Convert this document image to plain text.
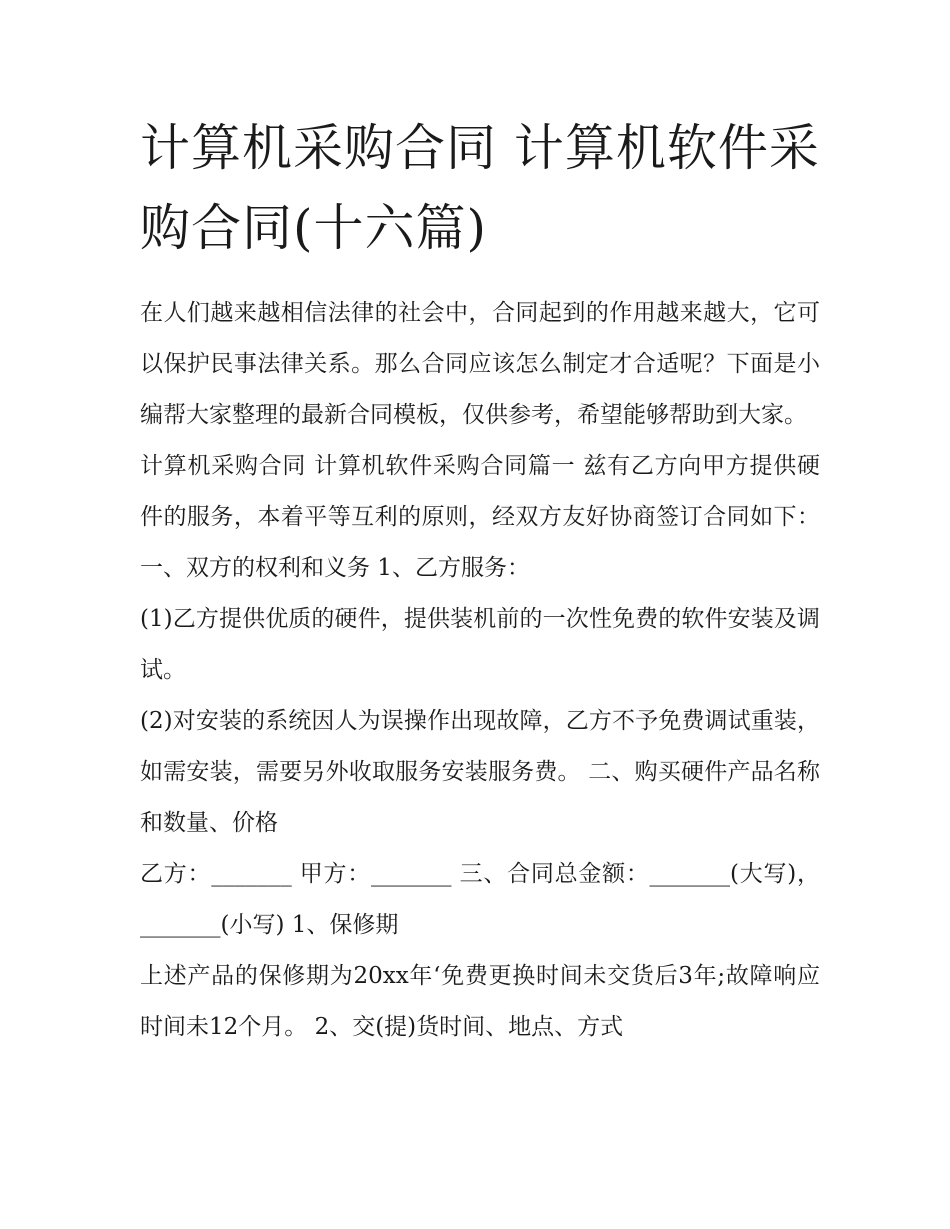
计算机采购合同 计算机软件采购合同(十六篇)

在人们越来越相信法律的社会中，合同起到的作用越来越大，它可以保护民事法律关系。那么合同应该怎么制定才合适呢？下面是小编帮大家整理的最新合同模板，仅供参考，希望能够帮助到大家。

计算机采购合同 计算机软件采购合同篇一 兹有乙方向甲方提供硬件的服务，本着平等互利的原则，经双方友好协商签订合同如下： 一、双方的权利和义务 1、乙方服务：

(1)乙方提供优质的硬件，提供装机前的一次性免费的软件安装及调试。

(2)对安装的系统因人为误操作出现故障，乙方不予免费调试重装，如需安装，需要另外收取服务安装服务费。 二、购买硬件产品名称和数量、价格

乙方：_______ 甲方：_______ 三、合同总金额：_______(大写)，_______(小写) 1、保修期

上述产品的保修期为20xx年‘免费更换时间未交货后3年;故障响应时间未12个月。 2、交(提)货时间、地点、方式
